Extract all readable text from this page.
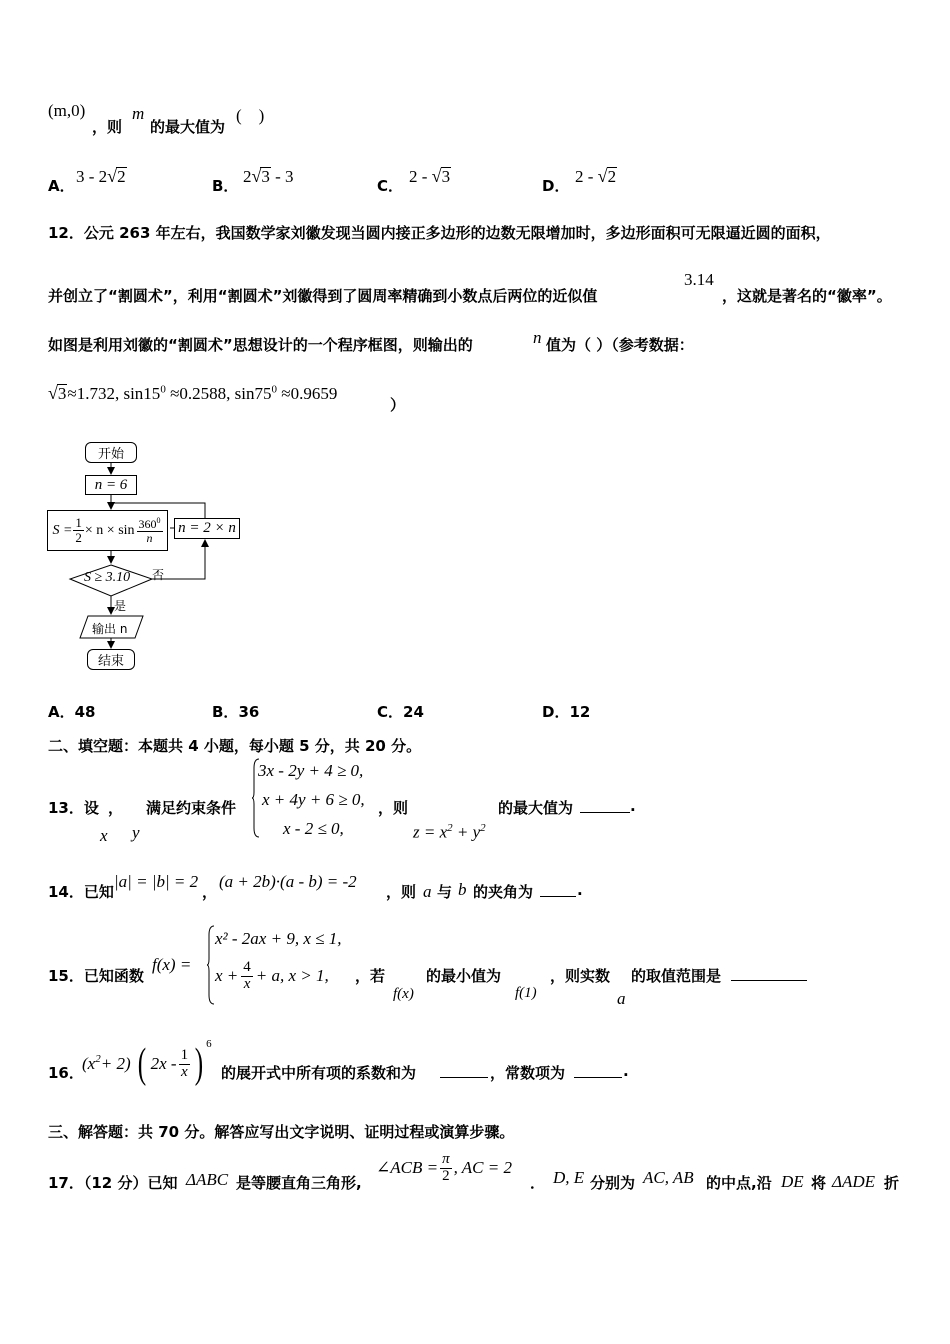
(m,0)
，则
m
的最大值为
(　)
A． 3 - 2√2	B． 2√3 - 3	C． 2 - √3	D． 2 - √2
12．公元 263 年左右，我国数学家刘徽发现当圆内接正多边形的边数无限增加时，多边形面积可无限逼近圆的面积，
并创立了“割圆术”，利用“割圆术”刘徽得到了圆周率精确到小数点后两位的近似值
3.14
，这就是著名的“徽率”。
如图是利用刘徽的“割圆术”思想设计的一个程序框图，则输出的	n 值为（ ）（参考数据：
√3≈1.732, $\sin 15^0 \approx 0.2588$, $\sin 75^0 \approx 0.9659$
）
开始
n = 6
$S = \frac{1}{2} \times n \times \sin \frac{360^0}{n}$ n = 2 × n
S ≥ 3.10 否
是
输出 n
结束
A．48	B．36	C．24	D．12
二、填空题：本题共 4 小题，每小题 5 分，共 20 分。
13．设 ，
x y
满足约束条件
3x - 2y + 4 ≥ 0,
x + 4y + 6 ≥ 0,
x - 2 ≤ 0,
，则
$z = x^2 + y^2$
的最大值为	.
14．已知
|a| = |b| = 2
，
(a + 2b)·(a - b) = -2
，则 a 与 b 的夹角为	.
15．已知函数
f(x) =
x² - 2ax + 9, x ≤ 1,
$x + \frac{4}{x} + a$, x > 1, ，若
f(x)
的最小值为
f(1)
，则实数
a
的取值范围是
16．
$(x^2 + 2)$ ( $2x - \frac{1}{x}$ ) $^6$
的展开式中所有项的系数和为	，常数项为	.
三、解答题：共 70 分。解答应写出文字说明、证明过程或演算步骤。
17．（12 分）已知 ΔABC 是等腰直角三角形,
∠ACB = $\frac{\pi}{2}$ , AC = 2
． D, E 分别为 AC, AB 的中点,沿 DE 将 ΔADE 折
